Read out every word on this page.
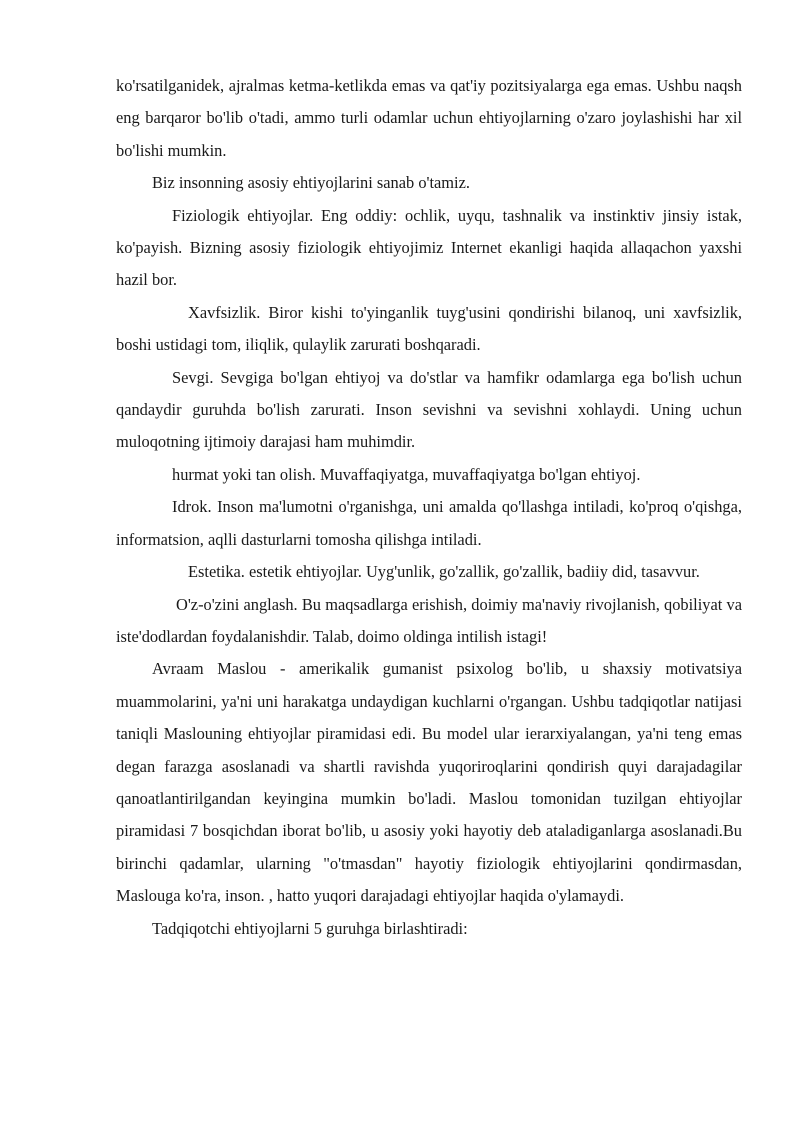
ko'rsatilganidek, ajralmas ketma-ketlikda emas va qat'iy pozitsiyalarga ega emas. Ushbu naqsh eng barqaror bo'lib o'tadi, ammo turli odamlar uchun ehtiyojlarning o'zaro joylashishi har xil bo'lishi mumkin.

Biz insonning asosiy ehtiyojlarini sanab o'tamiz.

Fiziologik ehtiyojlar. Eng oddiy: ochlik, uyqu, tashnalik va instinktiv jinsiy istak, ko'payish. Bizning asosiy fiziologik ehtiyojimiz Internet ekanligi haqida allaqachon yaxshi hazil bor.

Xavfsizlik. Biror kishi to'yinganlik tuyg'usini qondirishi bilanoq, uni xavfsizlik, boshi ustidagi tom, iliqlik, qulaylik zarurati boshqaradi.

Sevgi. Sevgiga bo'lgan ehtiyoj va do'stlar va hamfikr odamlarga ega bo'lish uchun qandaydir guruhda bo'lish zarurati. Inson sevishni va sevishni xohlaydi. Uning uchun muloqotning ijtimoiy darajasi ham muhimdir.

hurmat yoki tan olish. Muvaffaqiyatga, muvaffaqiyatga bo'lgan ehtiyoj.

Idrok. Inson ma'lumotni o'rganishga, uni amalda qo'llashga intiladi, ko'proq o'qishga, informatsion, aqlli dasturlarni tomosha qilishga intiladi.

Estetika. estetik ehtiyojlar. Uyg'unlik, go'zallik, go'zallik, badiiy did, tasavvur.

O'z-o'zini anglash. Bu maqsadlarga erishish, doimiy ma'naviy rivojlanish, qobiliyat va iste'dodlardan foydalanishdir. Talab, doimo oldinga intilish istagi!

Avraam Maslou - amerikalik gumanist psixolog bo'lib, u shaxsiy motivatsiya muammolarini, ya'ni uni harakatga undaydigan kuchlarni o'rgangan. Ushbu tadqiqotlar natijasi taniqli Maslouning ehtiyojlar piramidasi edi. Bu model ular ierarxiyalangan, ya'ni teng emas degan farazga asoslanadi va shartli ravishda yuqoriroqlarini qondirish quyi darajadagilar qanoatlantirilgandan keyingina mumkin bo'ladi. Maslou tomonidan tuzilgan ehtiyojlar piramidasi 7 bosqichdan iborat bo'lib, u asosiy yoki hayotiy deb ataladiganlarga asoslanadi.Bu birinchi qadamlar, ularning "o'tmasdan" hayotiy fiziologik ehtiyojlarini qondirmasdan, Maslouga ko'ra, inson. , hatto yuqori darajadagi ehtiyojlar haqida o'ylamaydi.

Tadqiqotchi ehtiyojlarni 5 guruhga birlashtiradi:
